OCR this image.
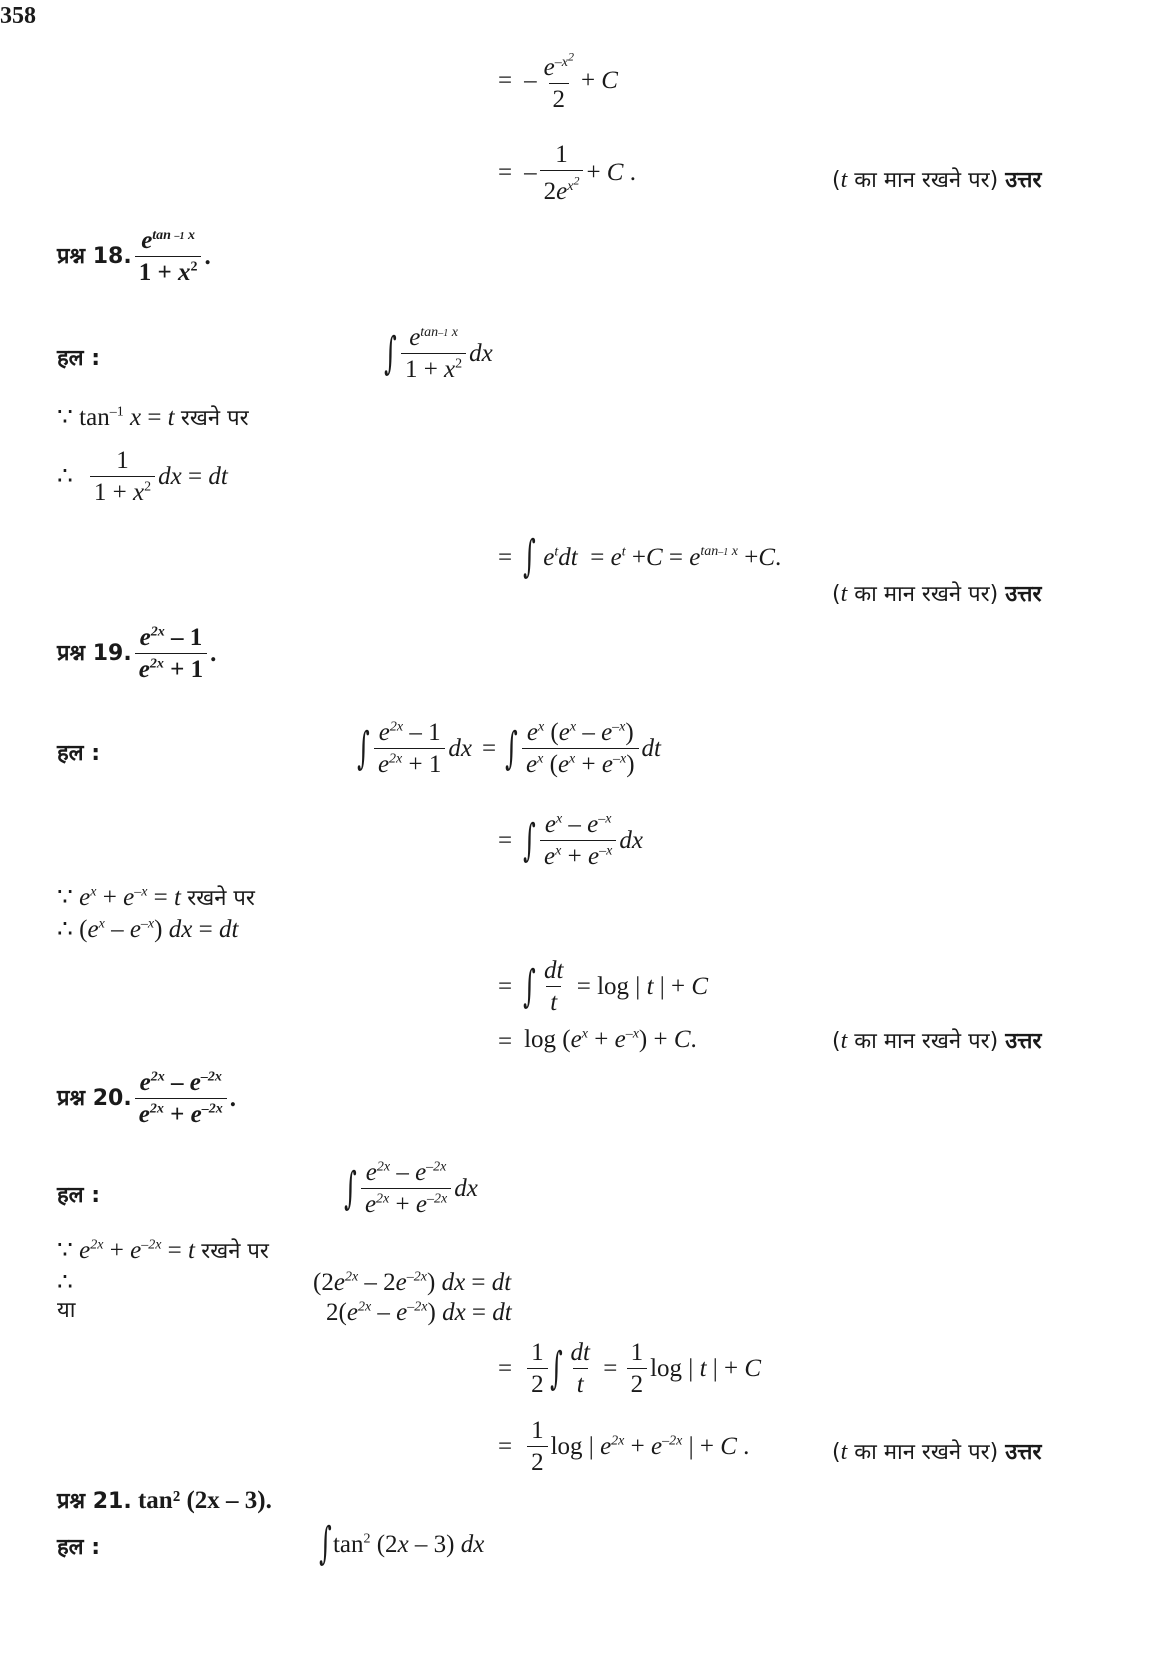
358
= – $\frac{e^{-x2}}{2} + C$
= – $\frac{1}{2e^{x2}} + C$ .	(t का मान रखने पर) उत्तर
प्रश्न 18. $\frac{e^{tan -1 x}}{1 + x^2}$ .
हल :	∫ $\frac{e^{tan-1 x}}{1 + x^2}$ dx
∵ $\tan^{-1} x = t$ रखने पर
∴ $\frac{1}{1 + x^2}$ dx = dt
= ∫ $e^tdt = e^t + C = e^{tan-1 x} + C$ .
(t का मान रखने पर) उत्तर
प्रश्न 19. $\frac{e^{2x} - 1}{e^{2x} + 1}$ .
हल :	∫ $\frac{e^{2x} - 1}{e^{2x} + 1}$ dx = ∫ $\frac{e^x (e^x - e^{-x})}{e^x (e^x + e^{-x})}$ dt
= ∫ $\frac{e^x - e^{-x}}{e^x + e^{-x}}$ dx
∵ $e^x + e^{-x} = t$ रखने पर
∴ $(e^x - e^{-x})$ dx = dt
= ∫ $\frac{dt}{t} = \log$ | t | + C
= $\log (e^x + e^{-x}) + C$.	(t का मान रखने पर) उत्तर
प्रश्न 20. $\frac{e^{2x} - e^{-2x}}{e^{2x} + e^{-2x}}$ .
हल :	∫ $\frac{e^{2x} - e^{-2x}}{e^{2x} + e^{-2x}}$ dx
∵ $e^{2x} + e^{-2x} = t$ रखने पर
∴	$(2e^{2x} - 2e^{-2x})$ dx = dt
या	$2(e^{2x} - e^{-2x})$ dx = dt
= $\frac{1}{2}$ ∫ $\frac{dt}{t} = \frac{1}{2}$ log | t | + C
= $\frac{1}{2}$ log | $e^{2x} + e^{-2x}$ | + C .	(t का मान रखने पर) उत्तर
प्रश्न 21. tan² (2x – 3).
हल :	∫ $\tan^2 (2x - 3)$ dx
